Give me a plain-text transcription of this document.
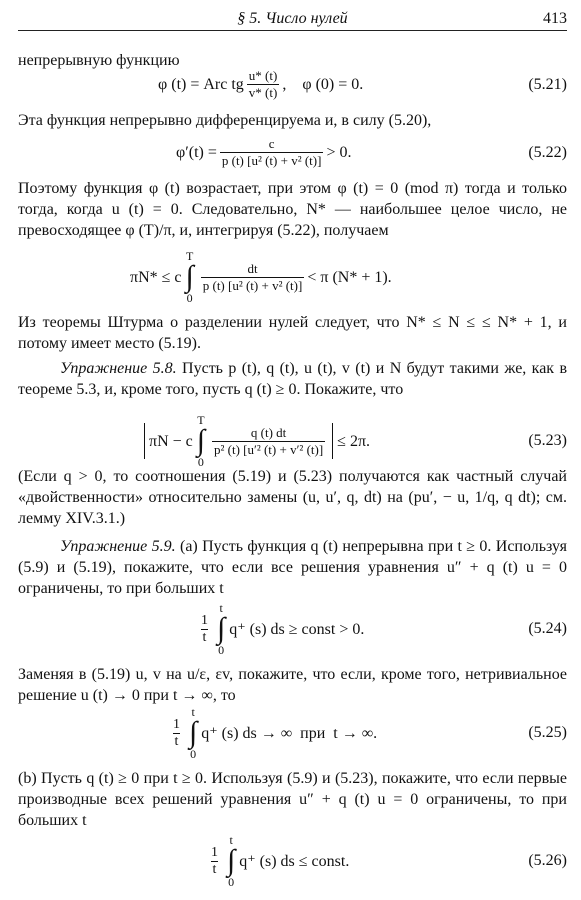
§ 5. Число нулей	413
непрерывную функцию
φ (t) = Arc tg $\frac{u* (t)}{v* (t)}$ ,    φ (0) = 0.	(5.21)
Эта функция непрерывно дифференцируема и, в силу (5.20),
$\varphi'(t) = \frac{c}{\text{p (t) [u² (t) + v² (t)]}} > 0$.	(5.22)
Поэтому функция φ (t) возрастает, при этом φ (t) = 0 (mod π) тогда и только тогда, когда u (t) = 0. Следовательно, N* — наибольшее целое число, не превосходящее φ (T)/π, и, интегрируя (5.22), получаем
πN* ≤ c
T
∫
0
$\frac{dt}{\text{p (t) [u² (t) + v² (t)]}} < \pi$ (N* + 1).
Из теоремы Штурма о разделении нулей следует, что N* ≤ N ≤ ≤ N* + 1, и потому имеет место (5.19).
Упражнение 5.8. Пусть p (t), q (t), u (t), v (t) и N будут такими же, как в теореме 5.3, и, кроме того, пусть q (t) ≥ 0. Покажите, что
πN − c
T
∫
0
$\frac{q (t) dt}{\text{p² (t) [u′² (t) + v′² (t)]}} \le 2\pi$.	(5.23)
(Если q > 0, то соотношения (5.19) и (5.23) получаются как частный случай «двойственности» относительно замены (u, u′, q, dt) на (pu′, − u, 1/q, q dt); см. лемму XIV.3.1.)
Упражнение 5.9. (a) Пусть функция q (t) непрерывна при t ≥ 0. Используя (5.9) и (5.19), покажите, что если все решения уравнения u″ + q (t) u = 0 ограничены, то при больших t
$\frac{1}{t}$
t
∫
0
q⁺ (s) ds ≥ const > 0.	(5.24)
Заменяя в (5.19) u, v на u/ε, εv, покажите, что если, кроме того, нетривиальное решение u (t) → 0 при t → ∞, то
$\frac{1}{t}$
t
∫
0
q⁺ (s) ds → ∞  при  t → ∞.	(5.25)
(b) Пусть q (t) ≥ 0 при t ≥ 0. Используя (5.9) и (5.23), покажите, что если первые производные всех решений уравнения u″ + q (t) u = 0 ограничены, то при больших t
$\frac{1}{t}$
t
∫
0
q⁺ (s) ds ≤ const.	(5.26)
